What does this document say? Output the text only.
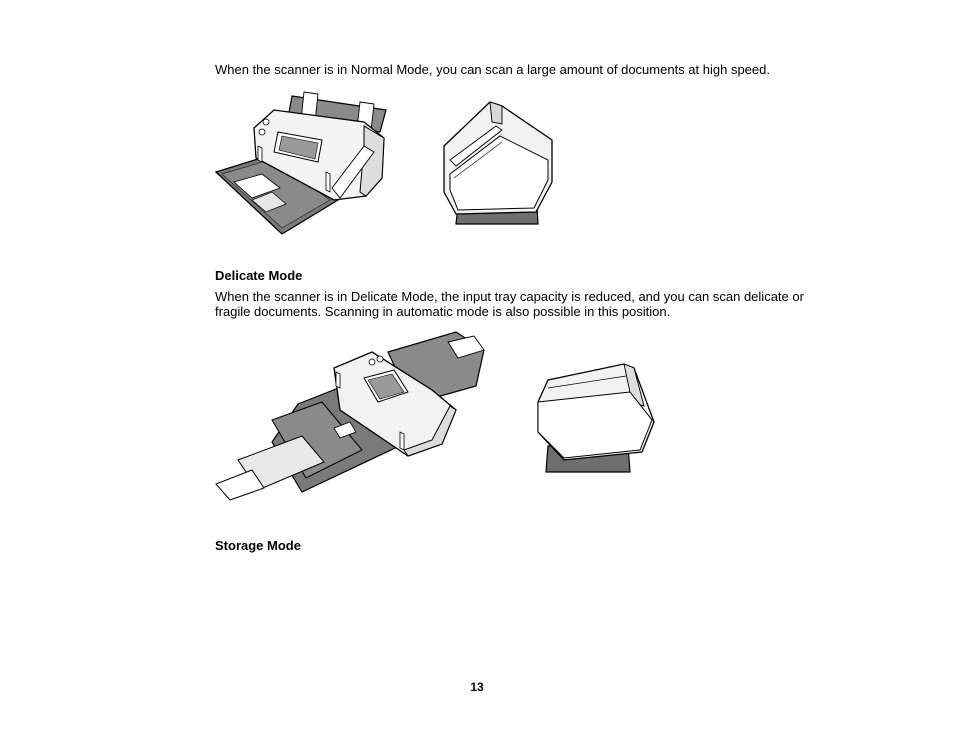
When the scanner is in Normal Mode, you can scan a large amount of documents at high speed.
Delicate Mode
When the scanner is in Delicate Mode, the input tray capacity is reduced, and you can scan delicate or
fragile documents. Scanning in automatic mode is also possible in this position.
Storage Mode
13
